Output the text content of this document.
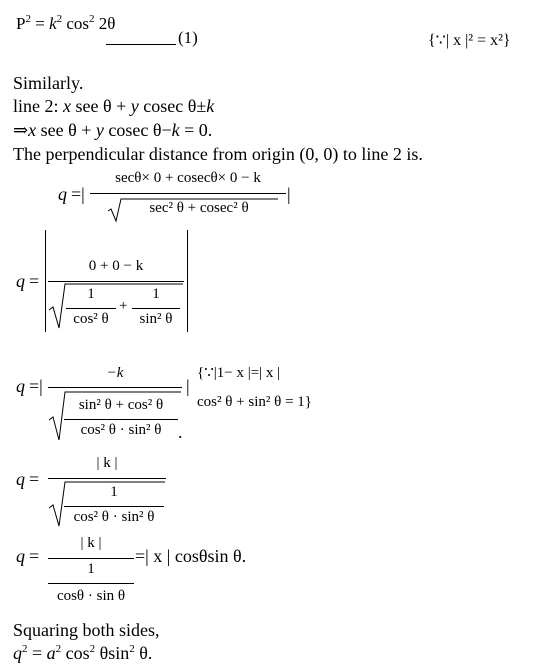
$P^2 = k^2$ $\cos^2 2\theta$
(1)	{∵| x |² = x²}
Similarly.
line 2: x see θ + y cosec θ±k
⇒x see θ + y cosec θ−k = 0.
The perpendicular distance from origin (0, 0) to line 2 is.
q =|
secθ× 0 + cosecθ× 0 − k
sec² θ + cosec² θ
|
q =
0 + 0 − k
1
cos² θ
+
1
sin² θ
q =|
−k
sin² θ + cos² θ
cos² θ · sin² θ .
|
{∵|1− x |=| x |
cos² θ + sin² θ = 1}
q =
| k |
1
cos² θ · sin² θ
q =
| k |
1
cosθ · sin θ
=| x | cosθsin θ.
Squaring both sides,
$q^2 = a^2$ $\cos^2 \theta\sin^2$ θ.
